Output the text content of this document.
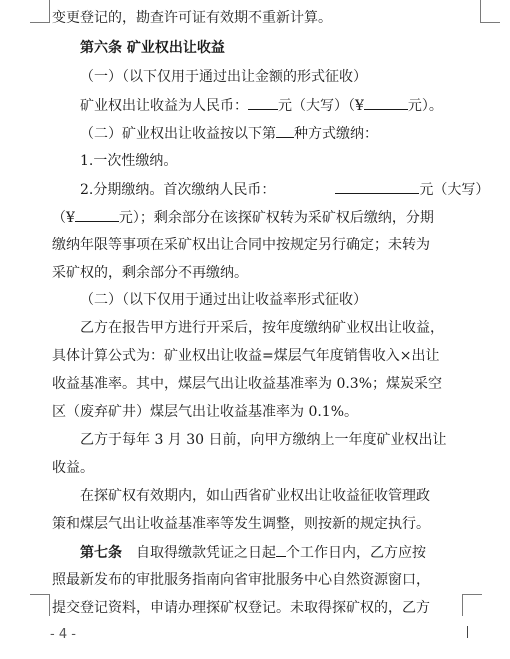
变更登记的，勘查许可证有效期不重新计算。
第六条 矿业权出让收益
（一）（以下仅用于通过出让金额的形式征收）
矿业权出让收益为人民币： 元（大写）（¥	元）。
（二）矿业权出让收益按以下第 种方式缴纳：
1.一次性缴纳。
2.分期缴纳。首次缴纳人民币：	元（大写）
（¥	元）；剩余部分在该探矿权转为采矿权后缴纳，分期
缴纳年限等事项在采矿权出让合同中按规定另行确定；未转为
采矿权的，剩余部分不再缴纳。
（二）（以下仅用于通过出让收益率形式征收）
乙方在报告甲方进行开采后，按年度缴纳矿业权出让收益，
具体计算公式为：矿业权出让收益=煤层气年度销售收入×出让
收益基准率。其中，煤层气出让收益基准率为 0.3%；煤炭采空
区（废弃矿井）煤层气出让收益基准率为 0.1%。
乙方于每年 3 月 30 日前，向甲方缴纳上一年度矿业权出让
收益。
在探矿权有效期内，如山西省矿业权出让收益征收管理政
策和煤层气出让收益基准率等发生调整，则按新的规定执行。
第七条 自取得缴款凭证之日起 个工作日内，乙方应按
照最新发布的审批服务指南向省审批服务中心自然资源窗口，
提交登记资料，申请办理探矿权登记。未取得探矿权的，乙方
- 4 -
